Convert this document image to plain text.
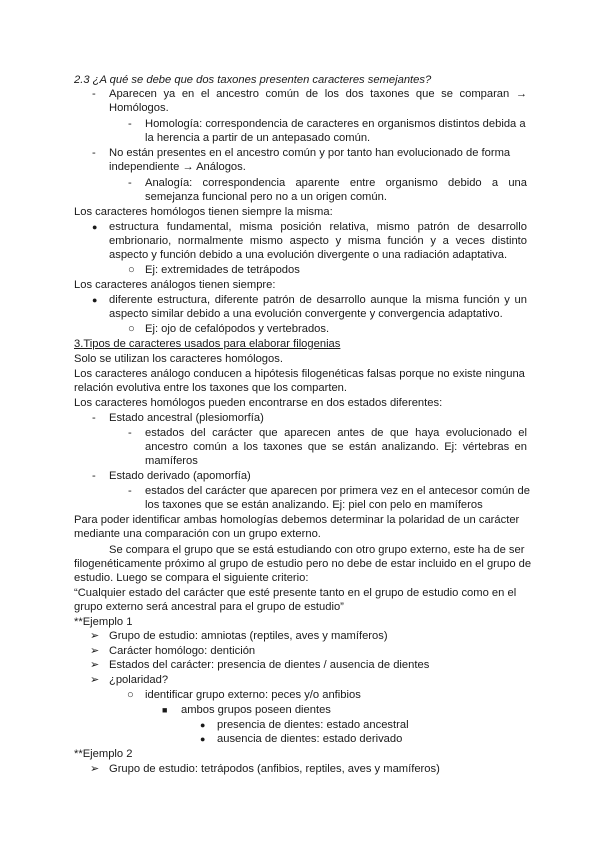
2.3 ¿A qué se debe que dos taxones presenten caracteres semejantes?
- Aparecen ya en el ancestro común de los dos taxones que se comparan →
Homólogos.
- Homología: correspondencia de caracteres en organismos distintos debida a
la herencia a partir de un antepasado común.
- No están presentes en el ancestro común y por tanto han evolucionado de forma
independiente → Análogos.
- Analogía: correspondencia aparente entre organismo debido a una
semejanza funcional pero no a un origen común.
Los caracteres homólogos tienen siempre la misma:
● estructura fundamental, misma posición relativa, mismo patrón de desarrollo
embrionario, normalmente mismo aspecto y misma función y a veces distinto
aspecto y función debido a una evolución divergente o una radiación adaptativa.
○ Ej: extremidades de tetrápodos
Los caracteres análogos tienen siempre:
● diferente estructura, diferente patrón de desarrollo aunque la misma función y un
aspecto similar debido a una evolución convergente y convergencia adaptativo.
○ Ej: ojo de cefalópodos y vertebrados.
3.Tipos de caracteres usados para elaborar filogenias
Solo se utilizan los caracteres homólogos.
Los caracteres análogo conducen a hipótesis filogenéticas falsas porque no existe ninguna
relación evolutiva entre los taxones que los comparten.
Los caracteres homólogos pueden encontrarse en dos estados diferentes:
- Estado ancestral (plesiomorfía)
- estados del carácter que aparecen antes de que haya evolucionado el
ancestro común a los taxones que se están analizando. Ej: vértebras en
mamíferos
- Estado derivado (apomorfía)
- estados del carácter que aparecen por primera vez en el antecesor común de
los taxones que se están analizando. Ej: piel con pelo en mamíferos
Para poder identificar ambas homologías debemos determinar la polaridad de un carácter
mediante una comparación con un grupo externo.
Se compara el grupo que se está estudiando con otro grupo externo, este ha de ser
filogenéticamente próximo al grupo de estudio pero no debe de estar incluido en el grupo de
estudio. Luego se compara el siguiente criterio:
“Cualquier estado del carácter que esté presente tanto en el grupo de estudio como en el
grupo externo será ancestral para el grupo de estudio”
**Ejemplo 1
➢ Grupo de estudio: amniotas (reptiles, aves y mamíferos)
➢ Carácter homólogo: dentición
➢ Estados del carácter: presencia de dientes / ausencia de dientes
➢ ¿polaridad?
○ identificar grupo externo: peces y/o anfibios
■ ambos grupos poseen dientes
● presencia de dientes: estado ancestral
● ausencia de dientes: estado derivado
**Ejemplo 2
➢ Grupo de estudio: tetrápodos (anfibios, reptiles, aves y mamíferos)
